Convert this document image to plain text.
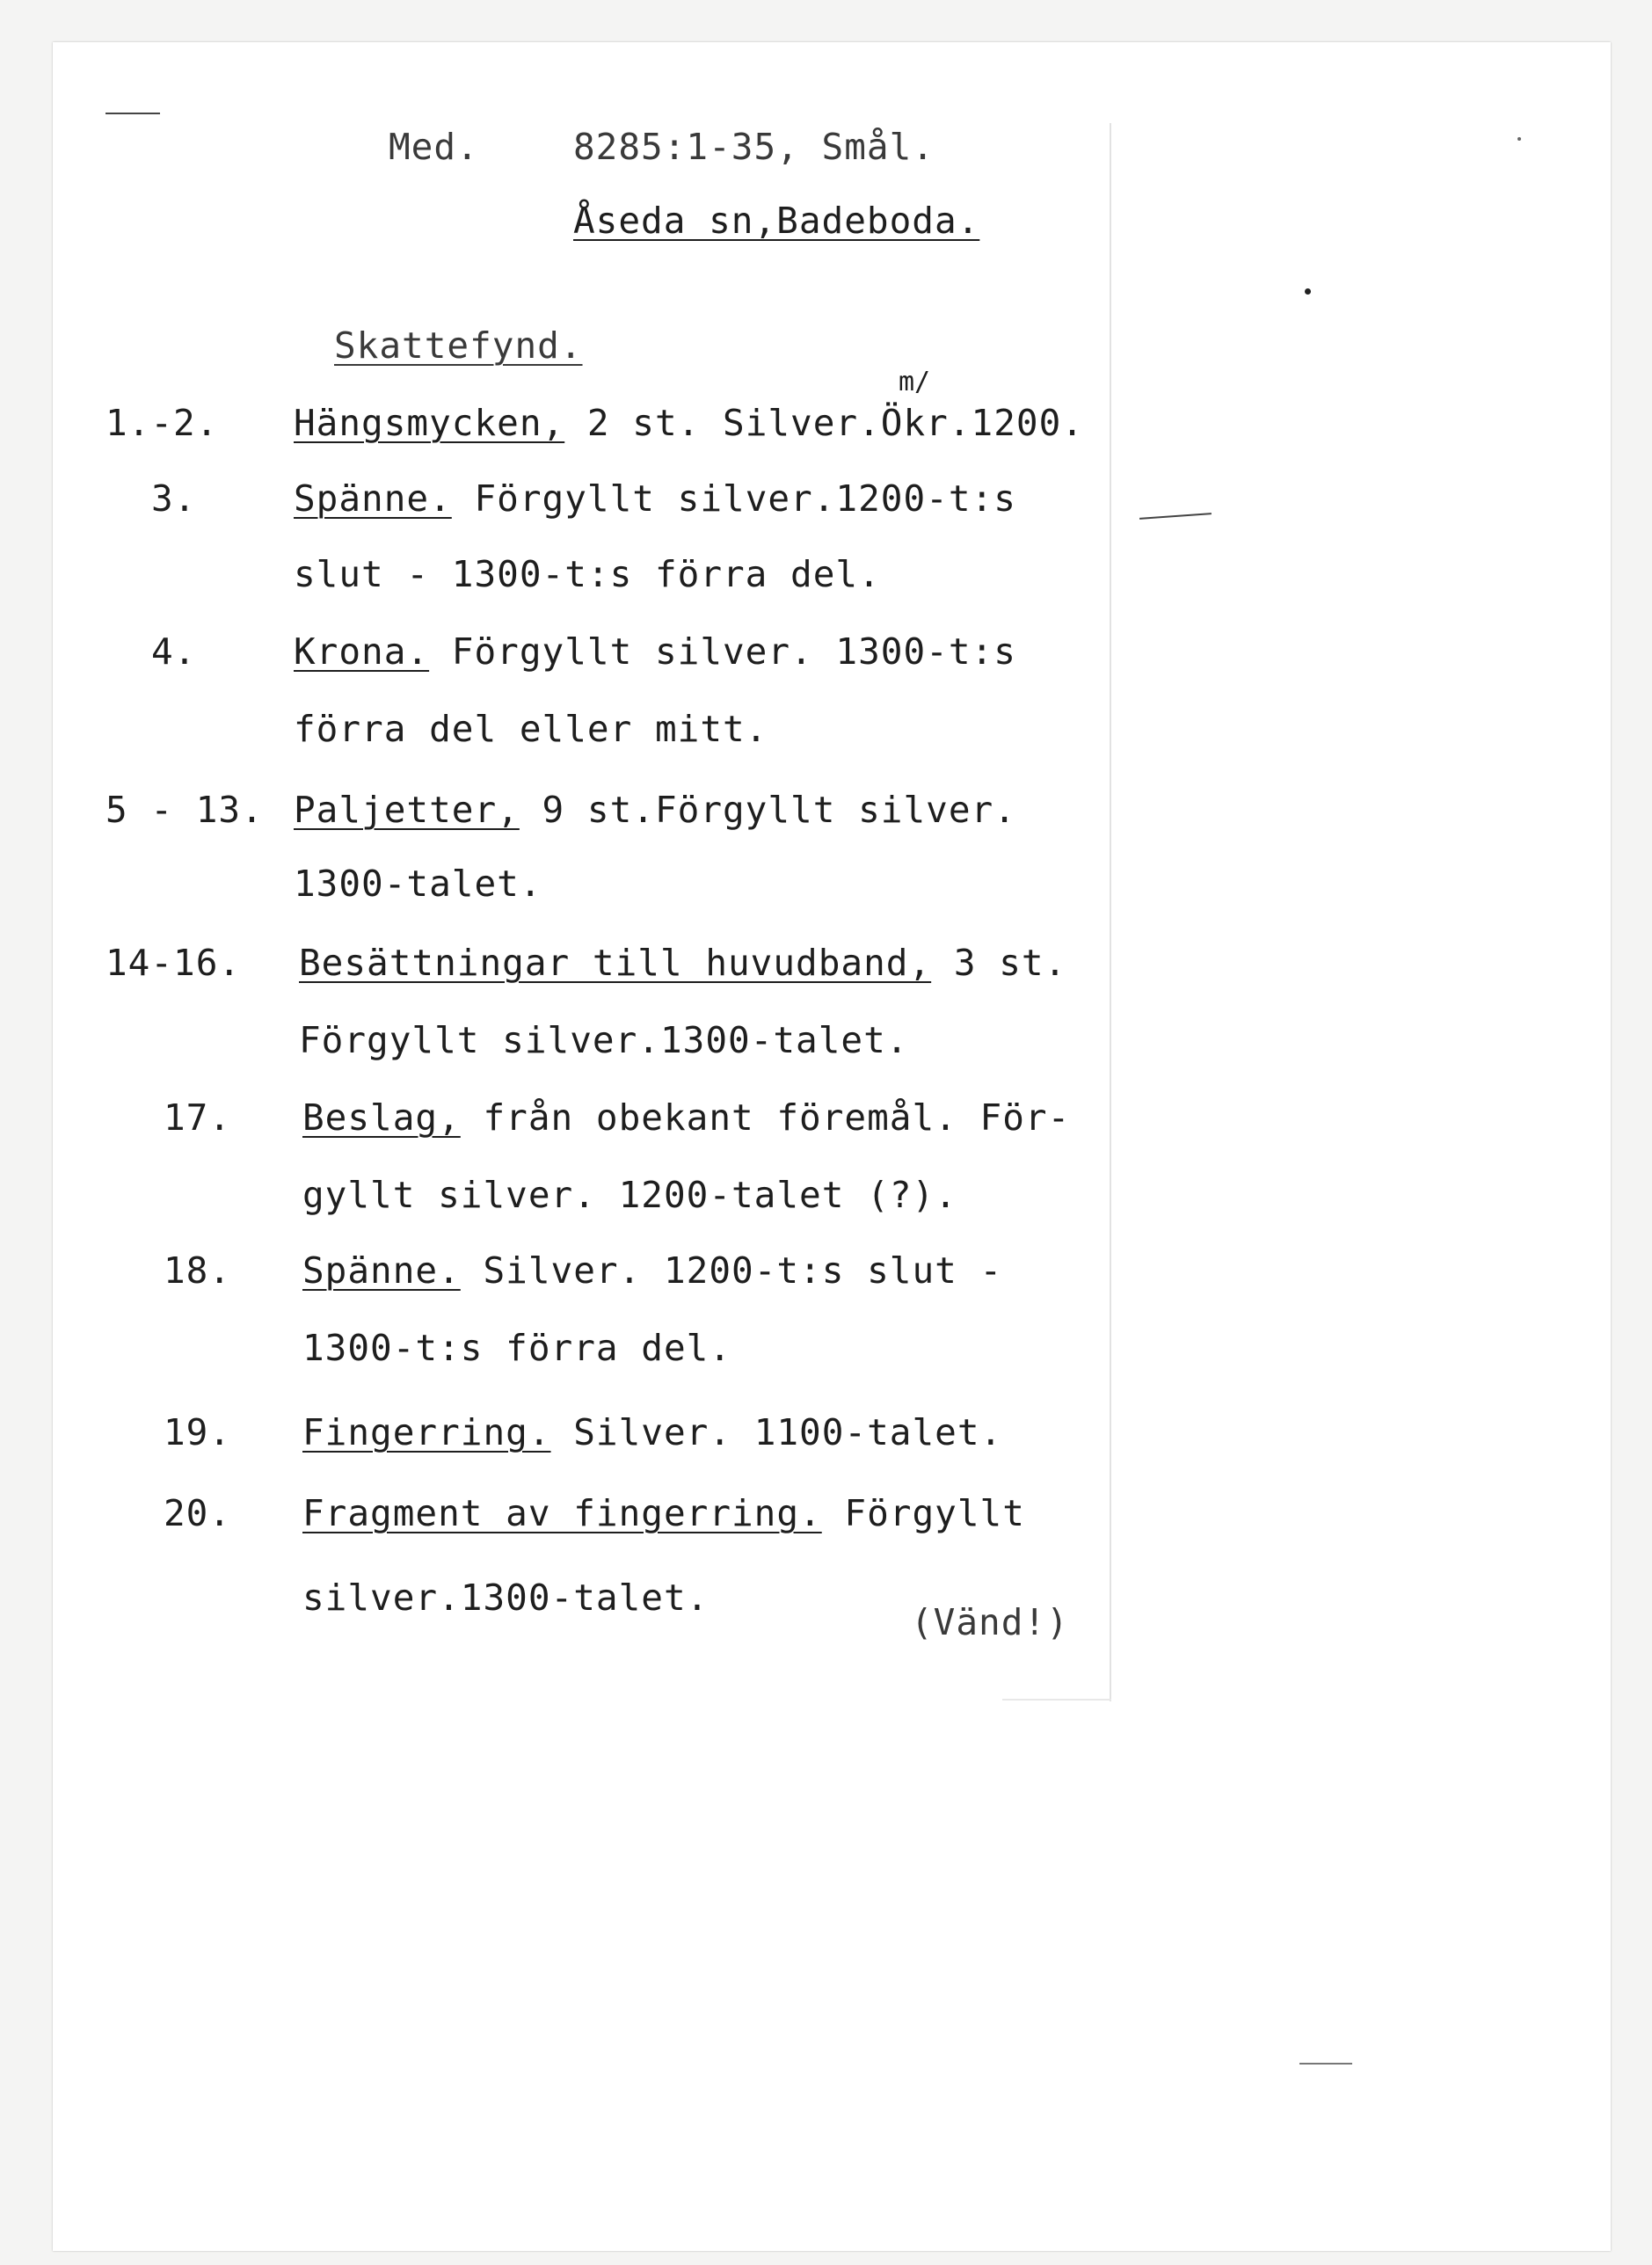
Med.	8285:1-35, Smål.
Åseda sn,Badeboda.
Skattefynd.
1.-2. Hängsmycken, 2 st. Silver.Ökr.1200.
m/
3.	Spänne. Förgyllt silver.1200-t:s
slut - 1300-t:s förra del.
4.	Krona. Förgyllt silver. 1300-t:s
förra del eller mitt.
5 - 13. Paljetter, 9 st.Förgyllt silver.
1300-talet.
14-16. Besättningar till huvudband, 3 st.
Förgyllt silver.1300-talet.
17. Beslag, från obekant föremål. För-
gyllt silver. 1200-talet (?).
18. Spänne. Silver. 1200-t:s slut -
1300-t:s förra del.
19. Fingerring. Silver. 1100-talet.
20. Fragment av fingerring. Förgyllt
silver.1300-talet.
(Vänd!)
